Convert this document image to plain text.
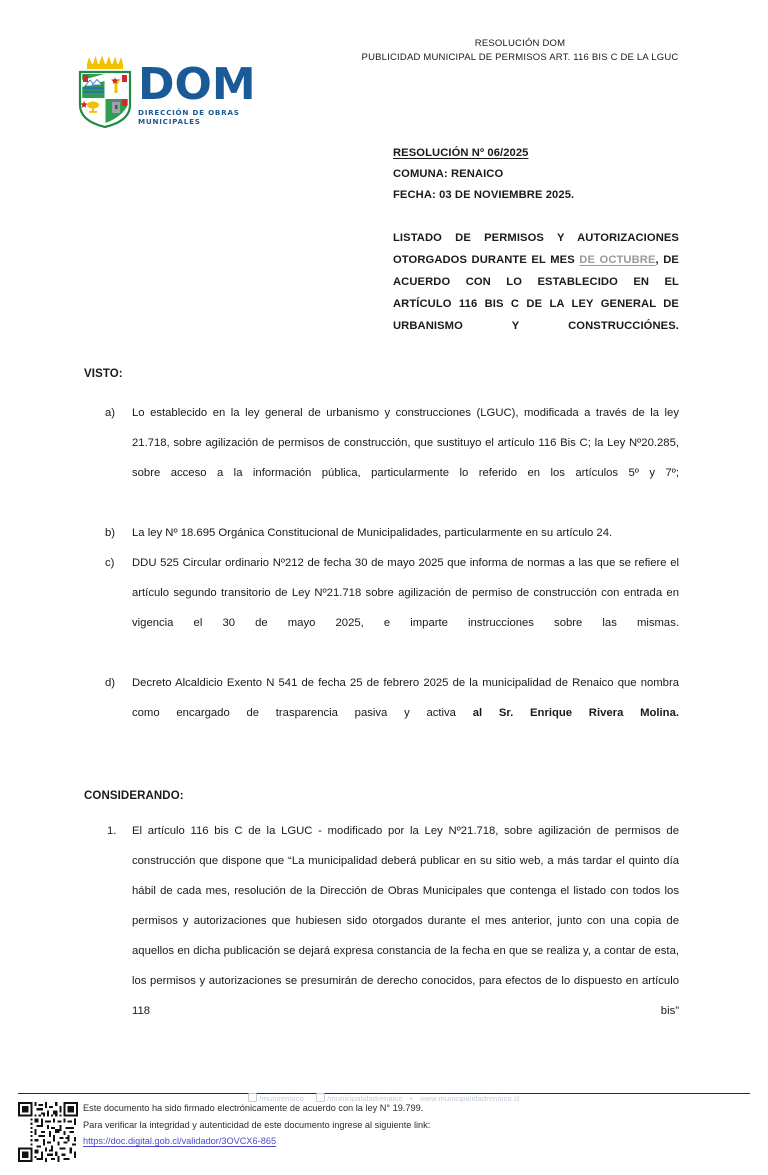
RESOLUCIÓN DOM
PUBLICIDAD MUNICIPAL DE PERMISOS ART. 116 BIS C DE LA LGUC
DOM
DIRECCIÓN DE OBRAS MUNICIPALES
RESOLUCIÓN Nº 06/2025
COMUNA: RENAICO
FECHA: 03 DE NOVIEMBRE 2025.
LISTADO DE PERMISOS Y AUTORIZACIONES OTORGADOS DURANTE EL MES DE OCTUBRE, DE ACUERDO CON LO ESTABLECIDO EN EL ARTÍCULO 116 BIS C DE LA LEY GENERAL DE URBANISMO Y CONSTRUCCIÓNES.
VISTO:
a)	Lo establecido en la ley general de urbanismo y construcciones (LGUC), modificada a través de la ley 21.718, sobre agilización de permisos de construcción, que sustituyo el artículo 116 Bis C; la Ley Nº20.285, sobre acceso a la información pública, particularmente lo referido en los artículos 5º y 7º;
b)	La ley Nº 18.695 Orgánica Constitucional de Municipalidades, particularmente en su artículo 24.
c)	DDU 525 Circular ordinario Nº212 de fecha 30 de mayo 2025 que informa de normas a las que se refiere el artículo segundo transitorio de Ley Nº21.718 sobre agilización de permiso de construcción con entrada en vigencia el 30 de mayo 2025, e imparte instrucciones sobre las mismas.
d)	Decreto Alcaldicio Exento N 541 de fecha 25 de febrero 2025 de la municipalidad de Renaico que nombra como encargado de trasparencia pasiva y activa al Sr. Enrique Rivera Molina.
CONSIDERANDO:
1.	El artículo 116 bis C de la LGUC - modificado por la Ley Nº21.718, sobre agilización de permisos de construcción que dispone que “La municipalidad deberá publicar en su sitio web, a más tardar el quinto día hábil de cada mes, resolución de la Dirección de Obras Municipales que contenga el listado con todos los permisos y autorizaciones que hubiesen sido otorgados durante el mes anterior, junto con una copia de aquellos en dicha publicación se dejará expresa constancia de la fecha en que se realiza y, a contar de esta, los permisos y autorizaciones se presumirán de derecho conocidos, para efectos de lo dispuesto en artículo 118 bis”
/munirenaico	/municipalidadrenaico • www.municipalidadrenaico.cl
Este documento ha sido firmado electrónicamente de acuerdo con la ley N° 19.799.
Para verificar la integridad y autenticidad de este documento ingrese al siguiente link:
https://doc.digital.gob.cl/validador/3OVCX6-865
